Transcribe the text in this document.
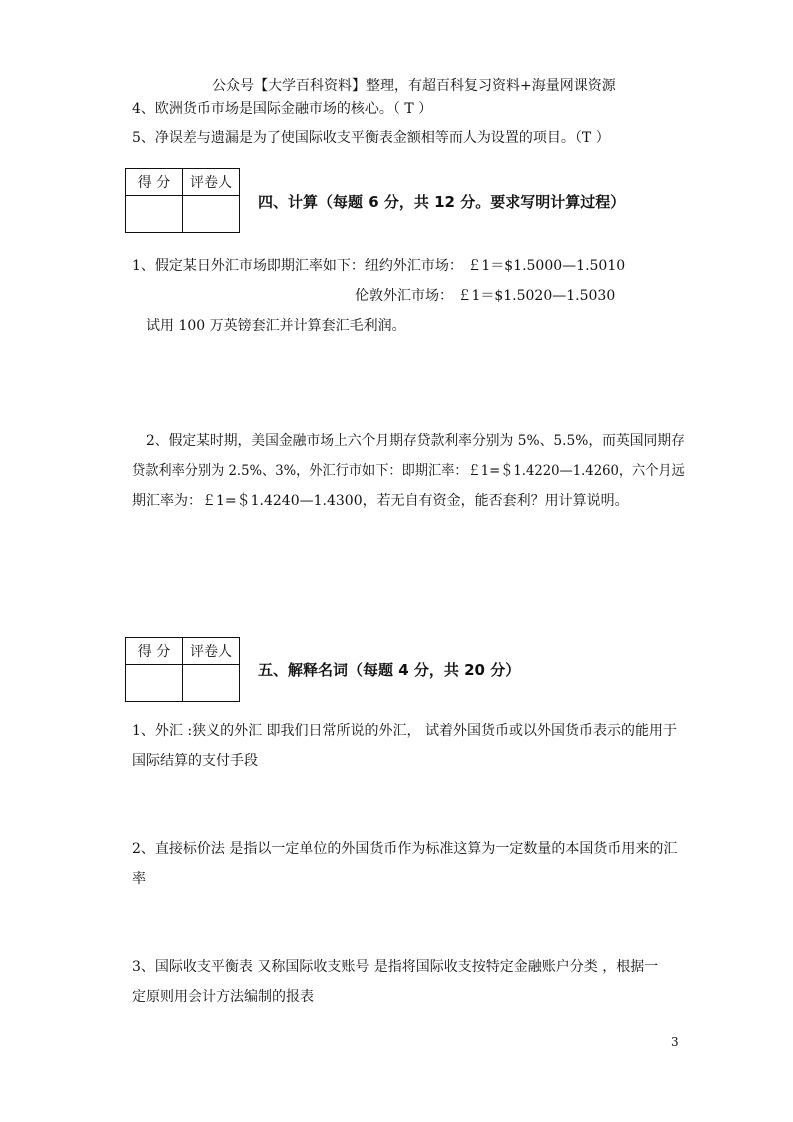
公众号【大学百科资料】整理，有超百科复习资料+海量网课资源
4、欧洲货币市场是国际金融市场的核心。（ T ）
5、净误差与遗漏是为了使国际收支平衡表金额相等而人为设置的项目。（T ）
得 分	评卷人

四、计算（每题 6 分，共 12 分。要求写明计算过程）
1、假定某日外汇市场即期汇率如下：纽约外汇市场： ￡1＝$1.5000—1.5010
伦敦外汇市场： ￡1＝$1.5020—1.5030
试用 100 万英镑套汇并计算套汇毛利润。
2、假定某时期，美国金融市场上六个月期存贷款利率分别为 5%、5.5%，而英国同期存
贷款利率分别为 2.5%、3%，外汇行市如下：即期汇率：￡1=＄1.4220—1.4260，六个月远
期汇率为：￡1=＄1.4240—1.4300，若无自有资金，能否套利？用计算说明。
得 分	评卷人

五、解释名词（每题 4 分，共 20 分）
1、外汇 :狭义的外汇 即我们日常所说的外汇， 试着外国货币或以外国货币表示的能用于
国际结算的支付手段
2、直接标价法 是指以一定单位的外国货币作为标准这算为一定数量的本国货币用来的汇
率
3、国际收支平衡表 又称国际收支账号 是指将国际收支按特定金融账户分类 ，根据一
定原则用会计方法编制的报表
3
